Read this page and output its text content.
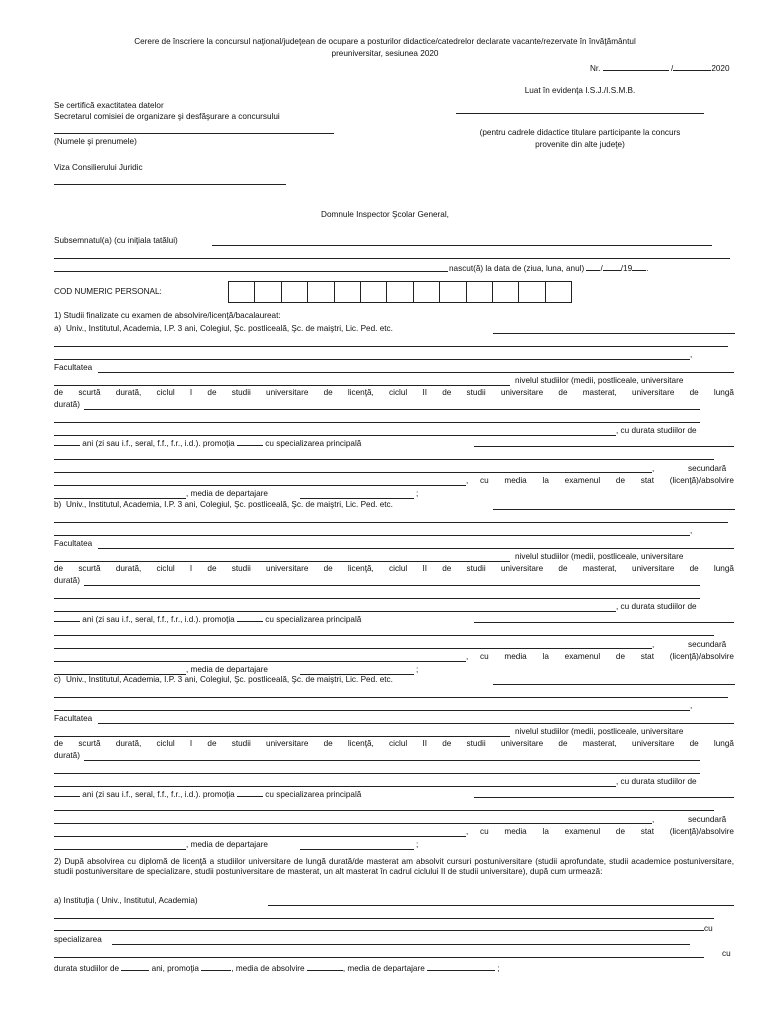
Cerere de înscriere la concursul naţional/judeţean de ocupare a posturilor didactice/catedrelor declarate vacante/rezervate în învăţământul
preuniversitar, sesiunea 2020
Nr.	/	2020
Luat în evidenţa I.S.J./I.S.M.B.
(pentru cadrele didactice titulare participante la concurs
provenite din alte judeţe)
Se certifică exactitatea datelor
Secretarul comisiei de organizare şi desfăşurare a concursului
(Numele şi prenumele)
Viza Consilierului Juridic
Domnule Inspector Şcolar General,
Subsemnatul(a) (cu iniţiala tatălui)
nascut(ă) la data de (ziua, luna, anul) / /19 .
COD NUMERIC PERSONAL:
1) Studii finalizate cu examen de absolvire/licenţă/bacalaureat:
a) Univ., Institutul, Academia, I.P. 3 ani, Colegiul, Şc. postliceală, Şc. de maiştri, Lic. Ped. etc.
,
Facultatea
nivelul studiilor (medii, postliceale, universitare
de scurtă durată, ciclul I de studii universitare de licenţă, ciclul II de studii universitare de masterat, universitare de lungă
durată)
, cu durata studiilor de
ani (zi sau i.f., seral, f.f., f.r., i.d.). promoţia	cu specializarea principală
,	secundară
, cu media la examenul de stat (licenţă)/absolvire
, media de departajare	;
b) Univ., Institutul, Academia, I.P. 3 ani, Colegiul, Şc. postliceală, Şc. de maiştri, Lic. Ped. etc.
,
Facultatea
nivelul studiilor (medii, postliceale, universitare
de scurtă durată, ciclul I de studii universitare de licenţă, ciclul II de studii universitare de masterat, universitare de lungă
durată)
, cu durata studiilor de
ani (zi sau i.f., seral, f.f., f.r., i.d.). promoţia	cu specializarea principală
,	secundară
, cu media la examenul de stat (licenţă)/absolvire
, media de departajare	;
c) Univ., Institutul, Academia, I.P. 3 ani, Colegiul, Şc. postliceală, Şc. de maiştri, Lic. Ped. etc.
,
Facultatea
nivelul studiilor (medii, postliceale, universitare
de scurtă durată, ciclul I de studii universitare de licenţă, ciclul II de studii universitare de masterat, universitare de lungă
durată)
, cu durata studiilor de
ani (zi sau i.f., seral, f.f., f.r., i.d.). promoţia	cu specializarea principală
,	secundară
, cu media la examenul de stat (licenţă)/absolvire
, media de departajare	;
2) După absolvirea cu diplomă de licenţă a studiilor universitare de lungă durată/de masterat am absolvit cursuri postuniversitare (studii aprofundate, studii academice postuniversitare, studii postuniversitare de specializare, studii postuniversitare de masterat, un alt masterat în cadrul ciclului II de studii universitare), după cum urmează:
a) Instituţia ( Univ., Institutul, Academia)
cu
specializarea
cu
durata studiilor de	ani, promoţia	, media de absolvire	, media de departajare	;
